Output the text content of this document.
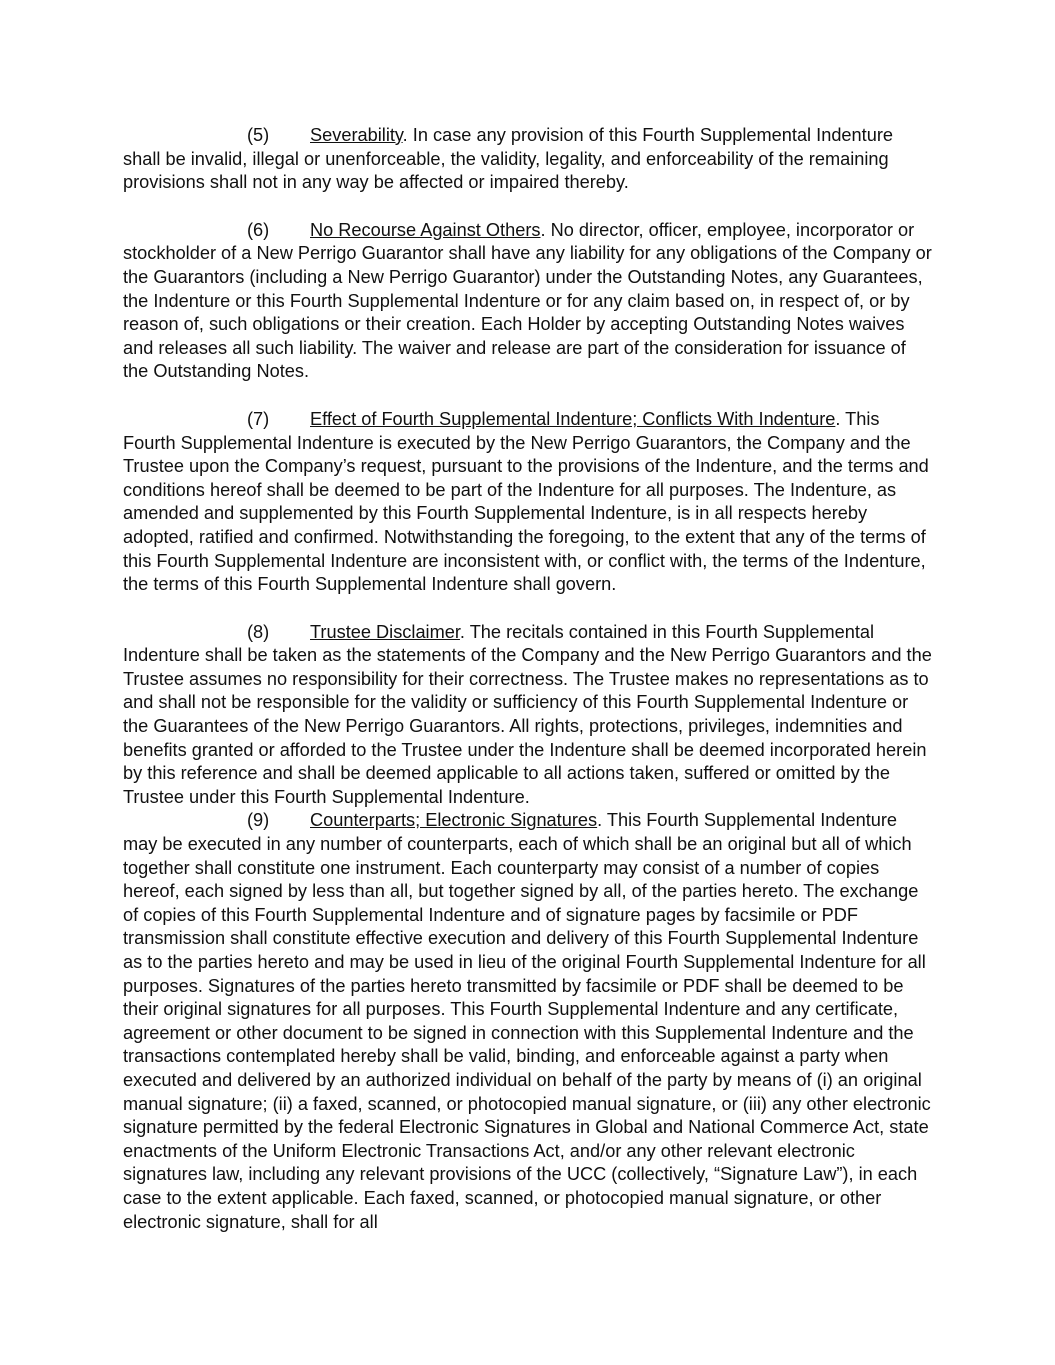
(5) Severability. In case any provision of this Fourth Supplemental Indenture shall be invalid, illegal or unenforceable, the validity, legality, and enforceability of the remaining provisions shall not in any way be affected or impaired thereby.

(6) No Recourse Against Others. No director, officer, employee, incorporator or stockholder of a New Perrigo Guarantor shall have any liability for any obligations of the Company or the Guarantors (including a New Perrigo Guarantor) under the Outstanding Notes, any Guarantees, the Indenture or this Fourth Supplemental Indenture or for any claim based on, in respect of, or by reason of, such obligations or their creation. Each Holder by accepting Outstanding Notes waives and releases all such liability. The waiver and release are part of the consideration for issuance of the Outstanding Notes.

(7) Effect of Fourth Supplemental Indenture; Conflicts With Indenture. This Fourth Supplemental Indenture is executed by the New Perrigo Guarantors, the Company and the Trustee upon the Company’s request, pursuant to the provisions of the Indenture, and the terms and conditions hereof shall be deemed to be part of the Indenture for all purposes. The Indenture, as amended and supplemented by this Fourth Supplemental Indenture, is in all respects hereby adopted, ratified and confirmed. Notwithstanding the foregoing, to the extent that any of the terms of this Fourth Supplemental Indenture are inconsistent with, or conflict with, the terms of the Indenture, the terms of this Fourth Supplemental Indenture shall govern.

(8) Trustee Disclaimer. The recitals contained in this Fourth Supplemental Indenture shall be taken as the statements of the Company and the New Perrigo Guarantors and the Trustee assumes no responsibility for their correctness. The Trustee makes no representations as to and shall not be responsible for the validity or sufficiency of this Fourth Supplemental Indenture or the Guarantees of the New Perrigo Guarantors. All rights, protections, privileges, indemnities and benefits granted or afforded to the Trustee under the Indenture shall be deemed incorporated herein by this reference and shall be deemed applicable to all actions taken, suffered or omitted by the Trustee under this Fourth Supplemental Indenture.

(9) Counterparts; Electronic Signatures. This Fourth Supplemental Indenture may be executed in any number of counterparts, each of which shall be an original but all of which together shall constitute one instrument. Each counterparty may consist of a number of copies hereof, each signed by less than all, but together signed by all, of the parties hereto. The exchange of copies of this Fourth Supplemental Indenture and of signature pages by facsimile or PDF transmission shall constitute effective execution and delivery of this Fourth Supplemental Indenture as to the parties hereto and may be used in lieu of the original Fourth Supplemental Indenture for all purposes. Signatures of the parties hereto transmitted by facsimile or PDF shall be deemed to be their original signatures for all purposes. This Fourth Supplemental Indenture and any certificate, agreement or other document to be signed in connection with this Supplemental Indenture and the transactions contemplated hereby shall be valid, binding, and enforceable against a party when executed and delivered by an authorized individual on behalf of the party by means of (i) an original manual signature; (ii) a faxed, scanned, or photocopied manual signature, or (iii) any other electronic signature permitted by the federal Electronic Signatures in Global and National Commerce Act, state enactments of the Uniform Electronic Transactions Act, and/or any other relevant electronic signatures law, including any relevant provisions of the UCC (collectively, “Signature Law”), in each case to the extent applicable. Each faxed, scanned, or photocopied manual signature, or other electronic signature, shall for all
